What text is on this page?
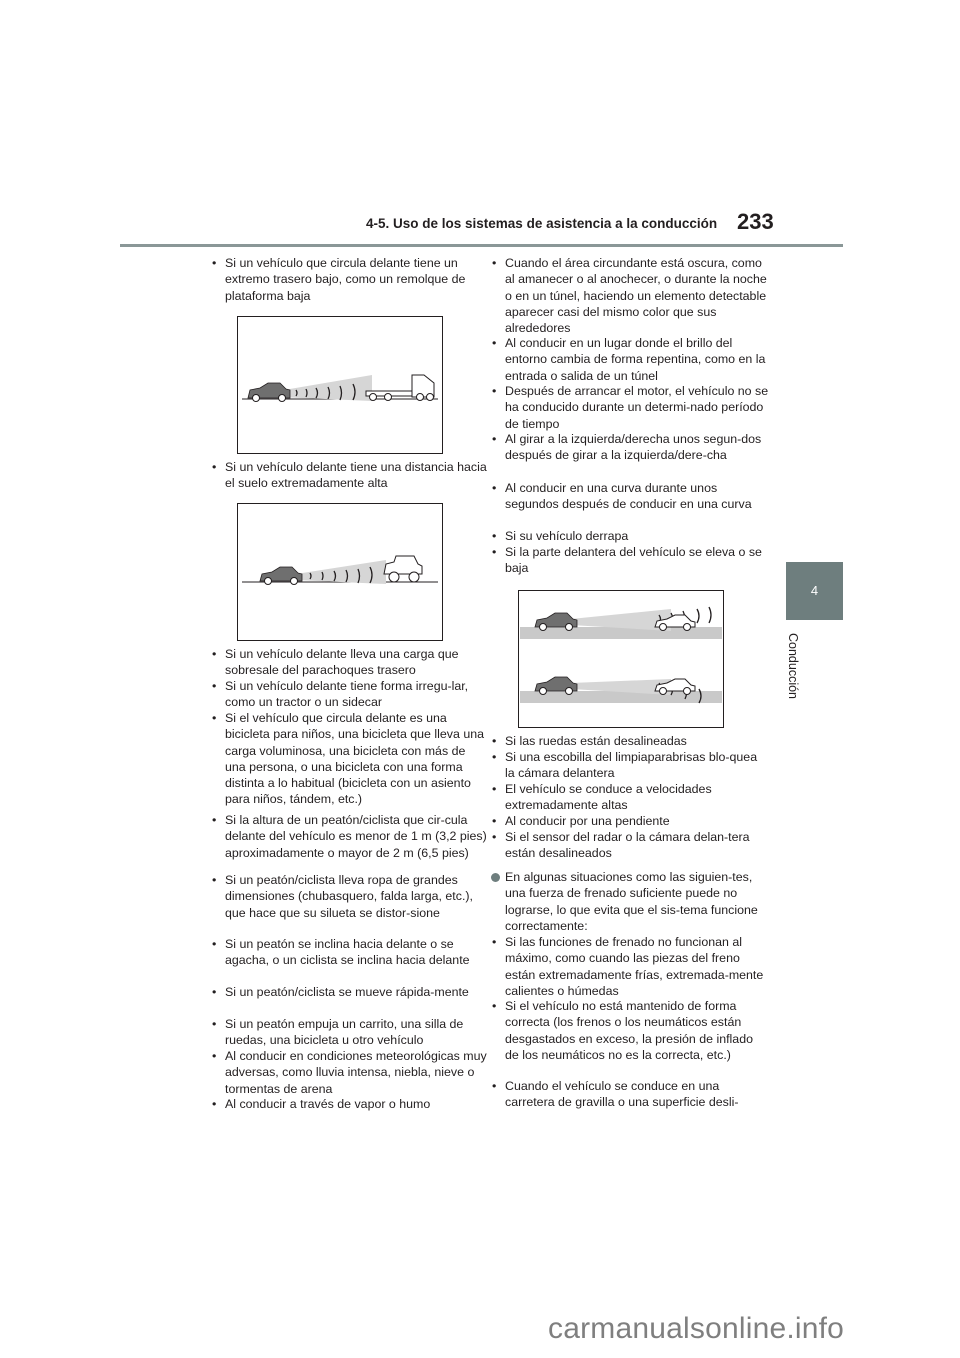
233
4-5. Uso de los sistemas de asistencia a la conducción
4
Conducción
• Si un vehículo que circula delante tiene un extremo trasero bajo, como un remolque de plataforma baja
• Si un vehículo delante tiene una distancia hacia el suelo extremadamente alta
• Si un vehículo delante lleva una carga que sobresale del parachoques trasero
• Si un vehículo delante tiene forma irregu-lar, como un tractor o un sidecar
• Si el vehículo que circula delante es una bicicleta para niños, una bicicleta que lleva una carga voluminosa, una bicicleta con más de una persona, o una bicicleta con una forma distinta a lo habitual (bicicleta con un asiento para niños, tándem, etc.)
• Si la altura de un peatón/ciclista que cir-cula delante del vehículo es menor de 1 m (3,2 pies) aproximadamente o mayor de 2 m (6,5 pies)
• Si un peatón/ciclista lleva ropa de grandes dimensiones (chubasquero, falda larga, etc.), que hace que su silueta se distor-sione
• Si un peatón se inclina hacia delante o se agacha, o un ciclista se inclina hacia delante
• Si un peatón/ciclista se mueve rápida-mente
• Si un peatón empuja un carrito, una silla de ruedas, una bicicleta u otro vehículo
• Al conducir en condiciones meteorológicas muy adversas, como lluvia intensa, niebla, nieve o tormentas de arena
• Al conducir a través de vapor o humo
• Cuando el área circundante está oscura, como al amanecer o al anochecer, o durante la noche o en un túnel, haciendo un elemento detectable aparecer casi del mismo color que sus alrededores
• Al conducir en un lugar donde el brillo del entorno cambia de forma repentina, como en la entrada o salida de un túnel
• Después de arrancar el motor, el vehículo no se ha conducido durante un determi-nado período de tiempo
• Al girar a la izquierda/derecha unos segun-dos después de girar a la izquierda/dere-cha
• Al conducir en una curva durante unos segundos después de conducir en una curva
• Si su vehículo derrapa
• Si la parte delantera del vehículo se eleva o se baja
• Si las ruedas están desalineadas
• Si una escobilla del limpiaparabrisas blo-quea la cámara delantera
• El vehículo se conduce a velocidades extremadamente altas
• Al conducir por una pendiente
• Si el sensor del radar o la cámara delan-tera están desalineados
En algunas situaciones como las siguien-tes, una fuerza de frenado suficiente puede no lograrse, lo que evita que el sis-tema funcione correctamente:
• Si las funciones de frenado no funcionan al máximo, como cuando las piezas del freno están extremadamente frías, extremada-mente calientes o húmedas
• Si el vehículo no está mantenido de forma correcta (los frenos o los neumáticos están desgastados en exceso, la presión de inflado de los neumáticos no es la correcta, etc.)
• Cuando el vehículo se conduce en una carretera de gravilla o una superficie desli-
carmanualsonline.info
